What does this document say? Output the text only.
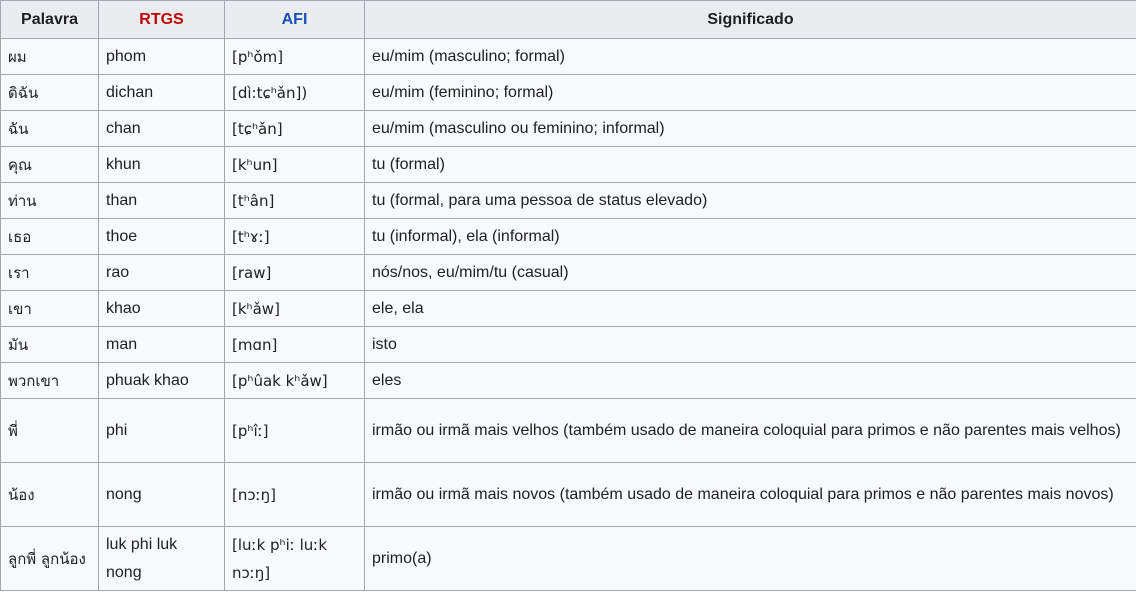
Palavra	RTGS	AFI	Significado
ผม	phom	[pʰǒm]	eu/mim (masculino; formal)
ดิฉัน	dichan	[dì:tɕʰǎn])	eu/mim (feminino; formal)
ฉัน	chan	[tɕʰǎn]	eu/mim (masculino ou feminino; informal)
คุณ	khun	[kʰun]	tu (formal)
ท่าน	than	[tʰân]	tu (formal, para uma pessoa de status elevado)
เธอ	thoe	[tʰɤː]	tu (informal), ela (informal)
เรา	rao	[raw]	nós/nos, eu/mim/tu (casual)
เขา	khao	[kʰǎw]	ele, ela
มัน	man	[mɑn]	isto
พวกเขา	phuak khao	[pʰûak kʰǎw]	eles
พี่	phi	[pʰîː]	irmão ou irmã mais velhos (também usado de maneira coloquial para primos e não parentes mais velhos)
น้อง	nong	[nɔːŋ]	irmão ou irmã mais novos (também usado de maneira coloquial para primos e não parentes mais novos)
ลูกพี่ ลูกน้อง	luk phi luk nong	[luːk pʰiː luːk nɔːŋ]	primo(a)
